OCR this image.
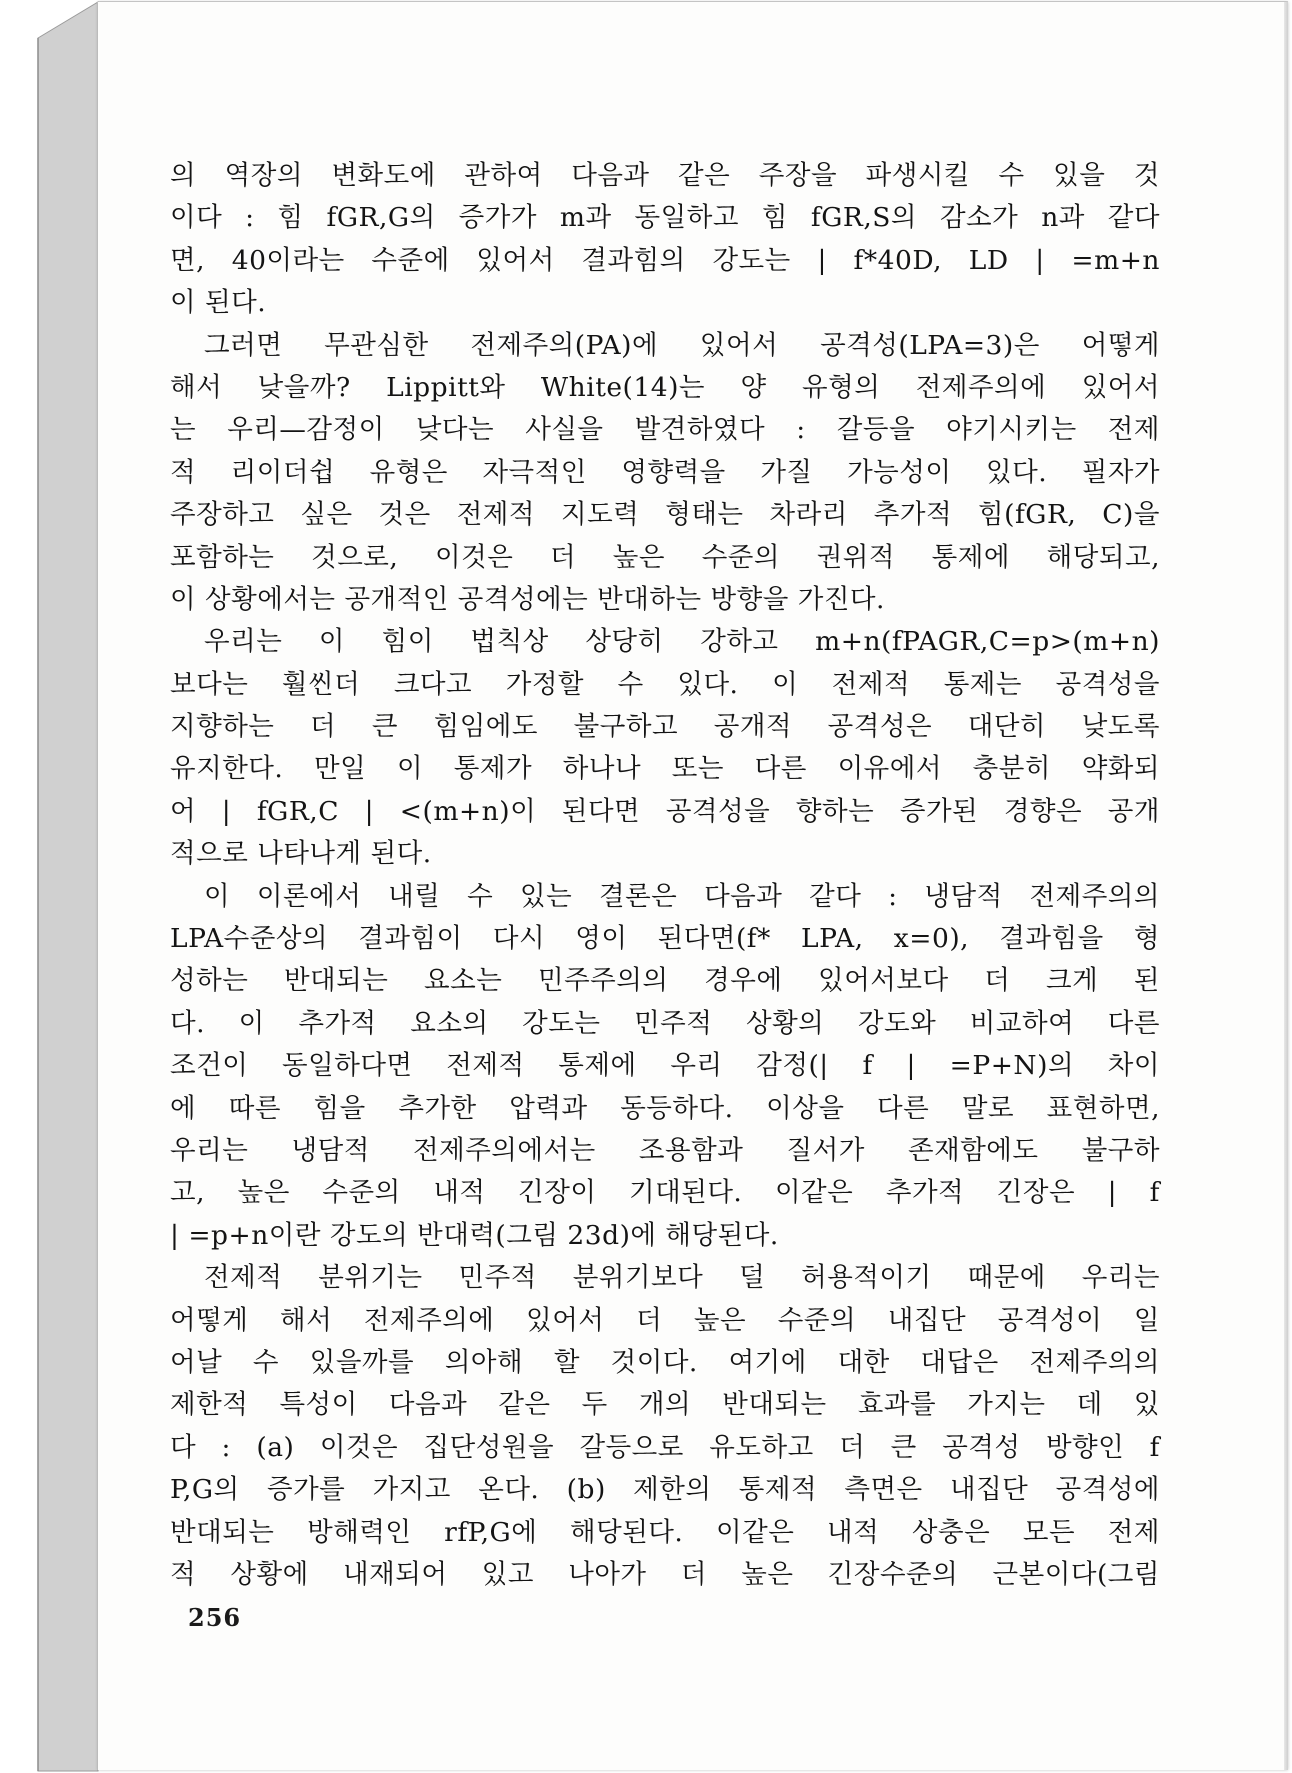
의 역장의 변화도에 관하여 다음과 같은 주장을 파생시킬 수 있을 것
이다 : 힘 fGR,G의 증가가 m과 동일하고 힘 fGR,S의 감소가 n과 같다
면, 40이라는 수준에 있어서 결과힘의 강도는 | f*40D, LD | =m+n
이 된다.
그러면 무관심한 전제주의(PA)에 있어서 공격성(LPA=3)은 어떻게
해서 낮을까? Lippitt와 White(14)는 양 유형의 전제주의에 있어서
는 우리—감정이 낮다는 사실을 발견하였다 : 갈등을 야기시키는 전제
적 리이더쉽 유형은 자극적인 영향력을 가질 가능성이 있다. 필자가
주장하고 싶은 것은 전제적 지도력 형태는 차라리 추가적 힘(fGR, C)을
포함하는 것으로, 이것은 더 높은 수준의 권위적 통제에 해당되고,
이 상황에서는 공개적인 공격성에는 반대하는 방향을 가진다.
우리는 이 힘이 법칙상 상당히 강하고 m+n(fPAGR,C=p>(m+n)
보다는 훨씬더 크다고 가정할 수 있다. 이 전제적 통제는 공격성을
지향하는 더 큰 힘임에도 불구하고 공개적 공격성은 대단히 낮도록
유지한다. 만일 이 통제가 하나나 또는 다른 이유에서 충분히 약화되
어 | fGR,C | <(m+n)이 된다면 공격성을 향하는 증가된 경향은 공개
적으로 나타나게 된다.
이 이론에서 내릴 수 있는 결론은 다음과 같다 : 냉담적 전제주의의
LPA수준상의 결과힘이 다시 영이 된다면(f* LPA, x=0), 결과힘을 형
성하는 반대되는 요소는 민주주의의 경우에 있어서보다 더 크게 된
다. 이 추가적 요소의 강도는 민주적 상황의 강도와 비교하여 다른
조건이 동일하다면 전제적 통제에 우리 감정(| f | =P+N)의 차이
에 따른 힘을 추가한 압력과 동등하다. 이상을 다른 말로 표현하면,
우리는 냉담적 전제주의에서는 조용함과 질서가 존재함에도 불구하
고, 높은 수준의 내적 긴장이 기대된다. 이같은 추가적 긴장은 | f
| =p+n이란 강도의 반대력(그림 23d)에 해당된다.
전제적 분위기는 민주적 분위기보다 덜 허용적이기 때문에 우리는
어떻게 해서 전제주의에 있어서 더 높은 수준의 내집단 공격성이 일
어날 수 있을까를 의아해 할 것이다. 여기에 대한 대답은 전제주의의
제한적 특성이 다음과 같은 두 개의 반대되는 효과를 가지는 데 있
다 : (a) 이것은 집단성원을 갈등으로 유도하고 더 큰 공격성 방향인 f
P,G의 증가를 가지고 온다. (b) 제한의 통제적 측면은 내집단 공격성에
반대되는 방해력인 rfP,G에 해당된다. 이같은 내적 상충은 모든 전제
적 상황에 내재되어 있고 나아가 더 높은 긴장수준의 근본이다(그림
256
